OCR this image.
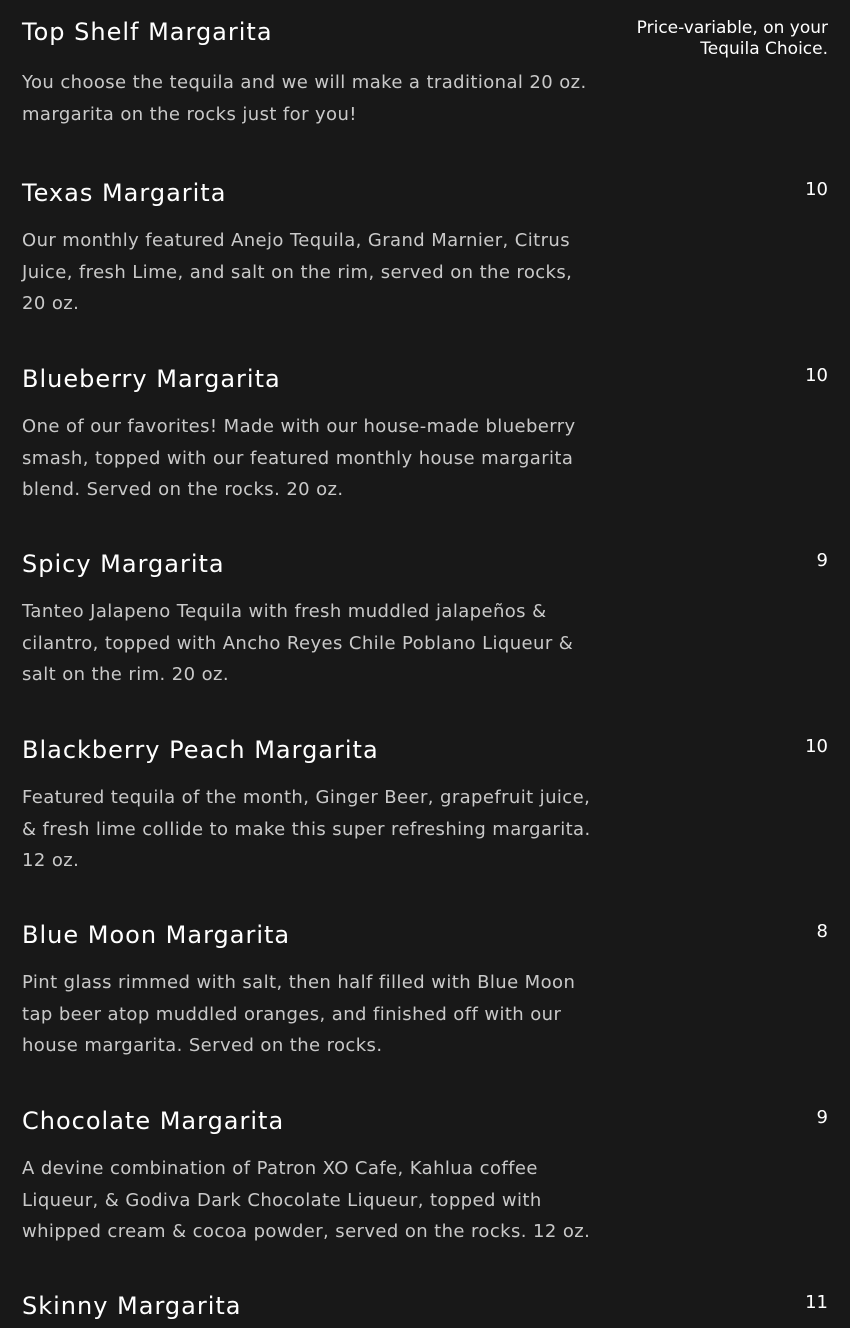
Top Shelf Margarita	Price-variable, on your Tequila Choice.

You choose the tequila and we will make a traditional 20 oz. margarita on the rocks just for you!

Texas Margarita	10

Our monthly featured Anejo Tequila, Grand Marnier, Citrus Juice, fresh Lime, and salt on the rim, served on the rocks, 20 oz.

Blueberry Margarita	10

One of our favorites! Made with our house-made blueberry smash, topped with our featured monthly house margarita blend. Served on the rocks. 20 oz.

Spicy Margarita	9

Tanteo Jalapeno Tequila with fresh muddled jalapeños & cilantro, topped with Ancho Reyes Chile Poblano Liqueur & salt on the rim. 20 oz.

Blackberry Peach Margarita	10

Featured tequila of the month, Ginger Beer, grapefruit juice, & fresh lime collide to make this super refreshing margarita. 12 oz.

Blue Moon Margarita	8

Pint glass rimmed with salt, then half filled with Blue Moon tap beer atop muddled oranges, and finished off with our house margarita. Served on the rocks.

Chocolate Margarita	9

A devine combination of Patron XO Cafe, Kahlua coffee Liqueur, & Godiva Dark Chocolate Liqueur, topped with whipped cream & cocoa powder, served on the rocks. 12 oz.

Skinny Margarita	11
